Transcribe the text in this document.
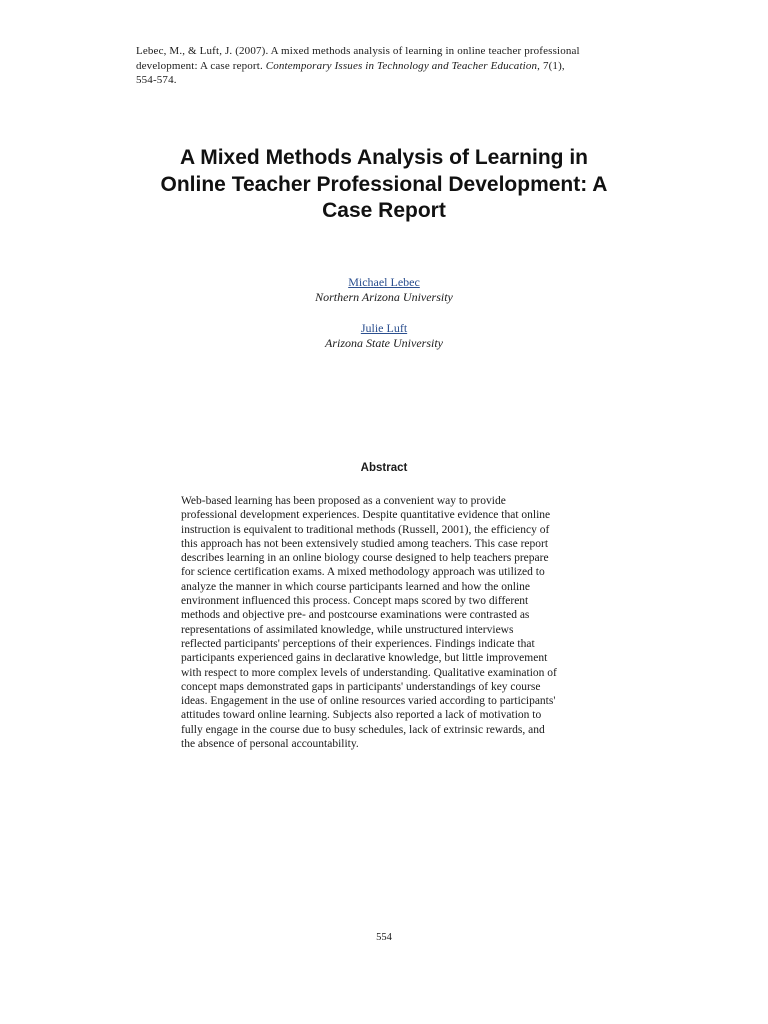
Lebec, M., & Luft, J. (2007). A mixed methods analysis of learning in online teacher professional
development: A case report. Contemporary Issues in Technology and Teacher Education, 7(1),
554-574.
A Mixed Methods Analysis of Learning in
Online Teacher Professional Development: A
Case Report
Michael Lebec
Northern Arizona University
Julie Luft
Arizona State University
Abstract
Web-based learning has been proposed as a convenient way to provide
professional development experiences. Despite quantitative evidence that online
instruction is equivalent to traditional methods (Russell, 2001), the efficiency of
this approach has not been extensively studied among teachers. This case report
describes learning in an online biology course designed to help teachers prepare
for science certification exams. A mixed methodology approach was utilized to
analyze the manner in which course participants learned and how the online
environment influenced this process. Concept maps scored by two different
methods and objective pre- and postcourse examinations were contrasted as
representations of assimilated knowledge, while unstructured interviews
reflected participants' perceptions of their experiences. Findings indicate that
participants experienced gains in declarative knowledge, but little improvement
with respect to more complex levels of understanding. Qualitative examination of
concept maps demonstrated gaps in participants' understandings of key course
ideas. Engagement in the use of online resources varied according to participants'
attitudes toward online learning. Subjects also reported a lack of motivation to
fully engage in the course due to busy schedules, lack of extrinsic rewards, and
the absence of personal accountability.
554
